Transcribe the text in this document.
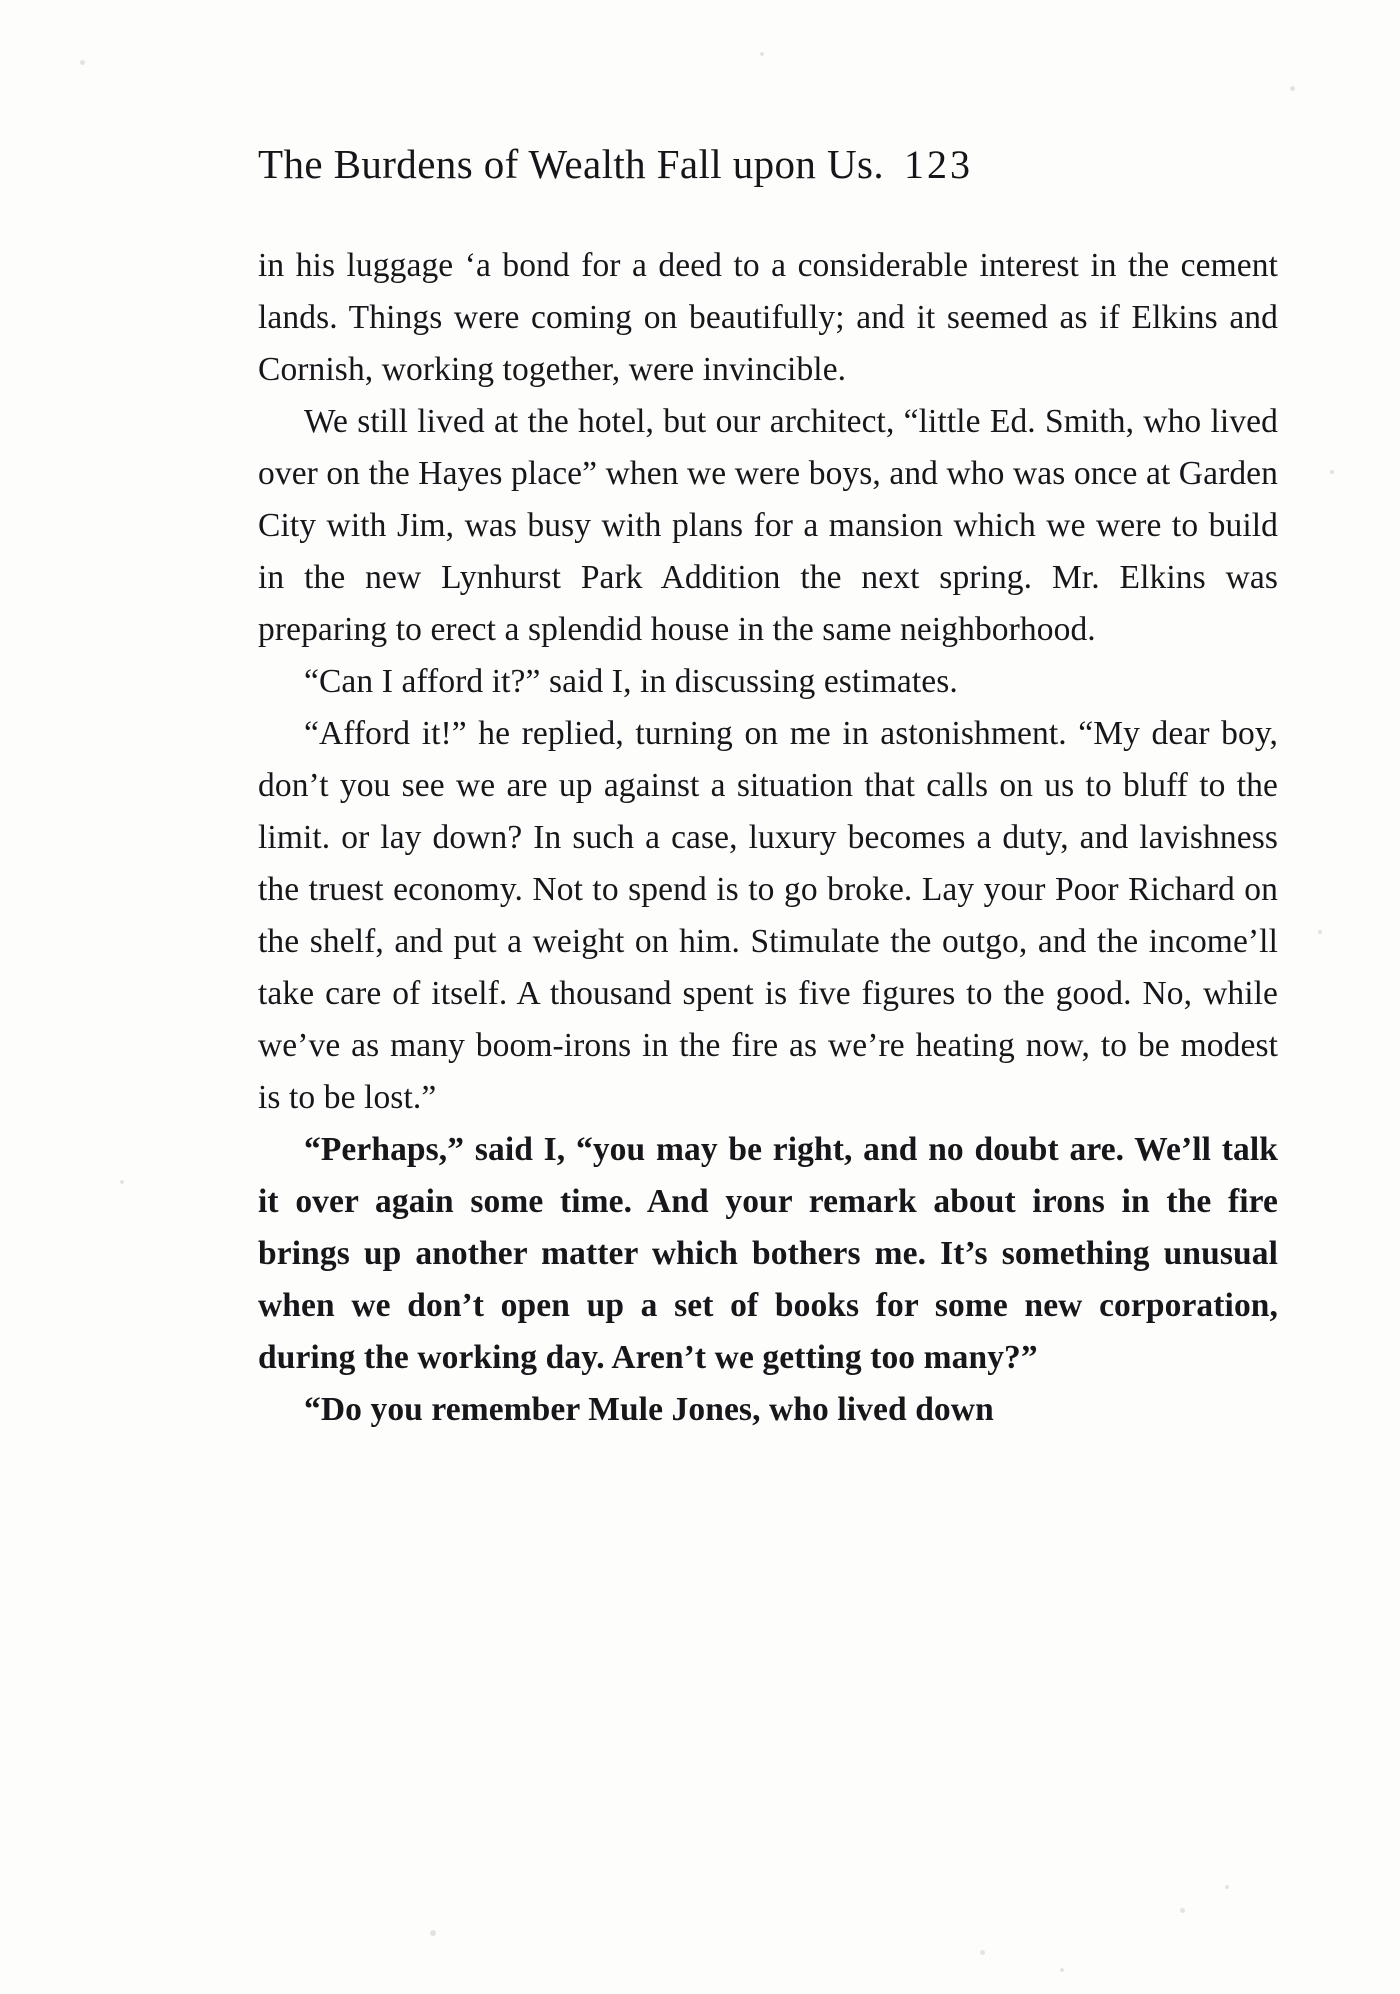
The Burdens of Wealth Fall upon Us. 123

in his luggage ‘a bond for a deed to a considerable interest in the cement lands. Things were coming on beautifully; and it seemed as if Elkins and Cornish, working together, were invincible.

We still lived at the hotel, but our architect, “little Ed. Smith, who lived over on the Hayes place” when we were boys, and who was once at Garden City with Jim, was busy with plans for a mansion which we were to build in the new Lynhurst Park Addition the next spring. Mr. Elkins was preparing to erect a splendid house in the same neighborhood.

“Can I afford it?” said I, in discussing estimates.

“Afford it!” he replied, turning on me in astonishment. “My dear boy, don’t you see we are up against a situation that calls on us to bluff to the limit. or lay down? In such a case, luxury becomes a duty, and lavishness the truest economy. Not to spend is to go broke. Lay your Poor Richard on the shelf, and put a weight on him. Stimulate the outgo, and the income’ll take care of itself. A thousand spent is five figures to the good. No, while we’ve as many boom-irons in the fire as we’re heating now, to be modest is to be lost.”

“Perhaps,” said I, “you may be right, and no doubt are. We’ll talk it over again some time. And your remark about irons in the fire brings up another matter which bothers me. It’s something unusual when we don’t open up a set of books for some new corporation, during the working day. Aren’t we getting too many?”

“Do you remember Mule Jones, who lived down
